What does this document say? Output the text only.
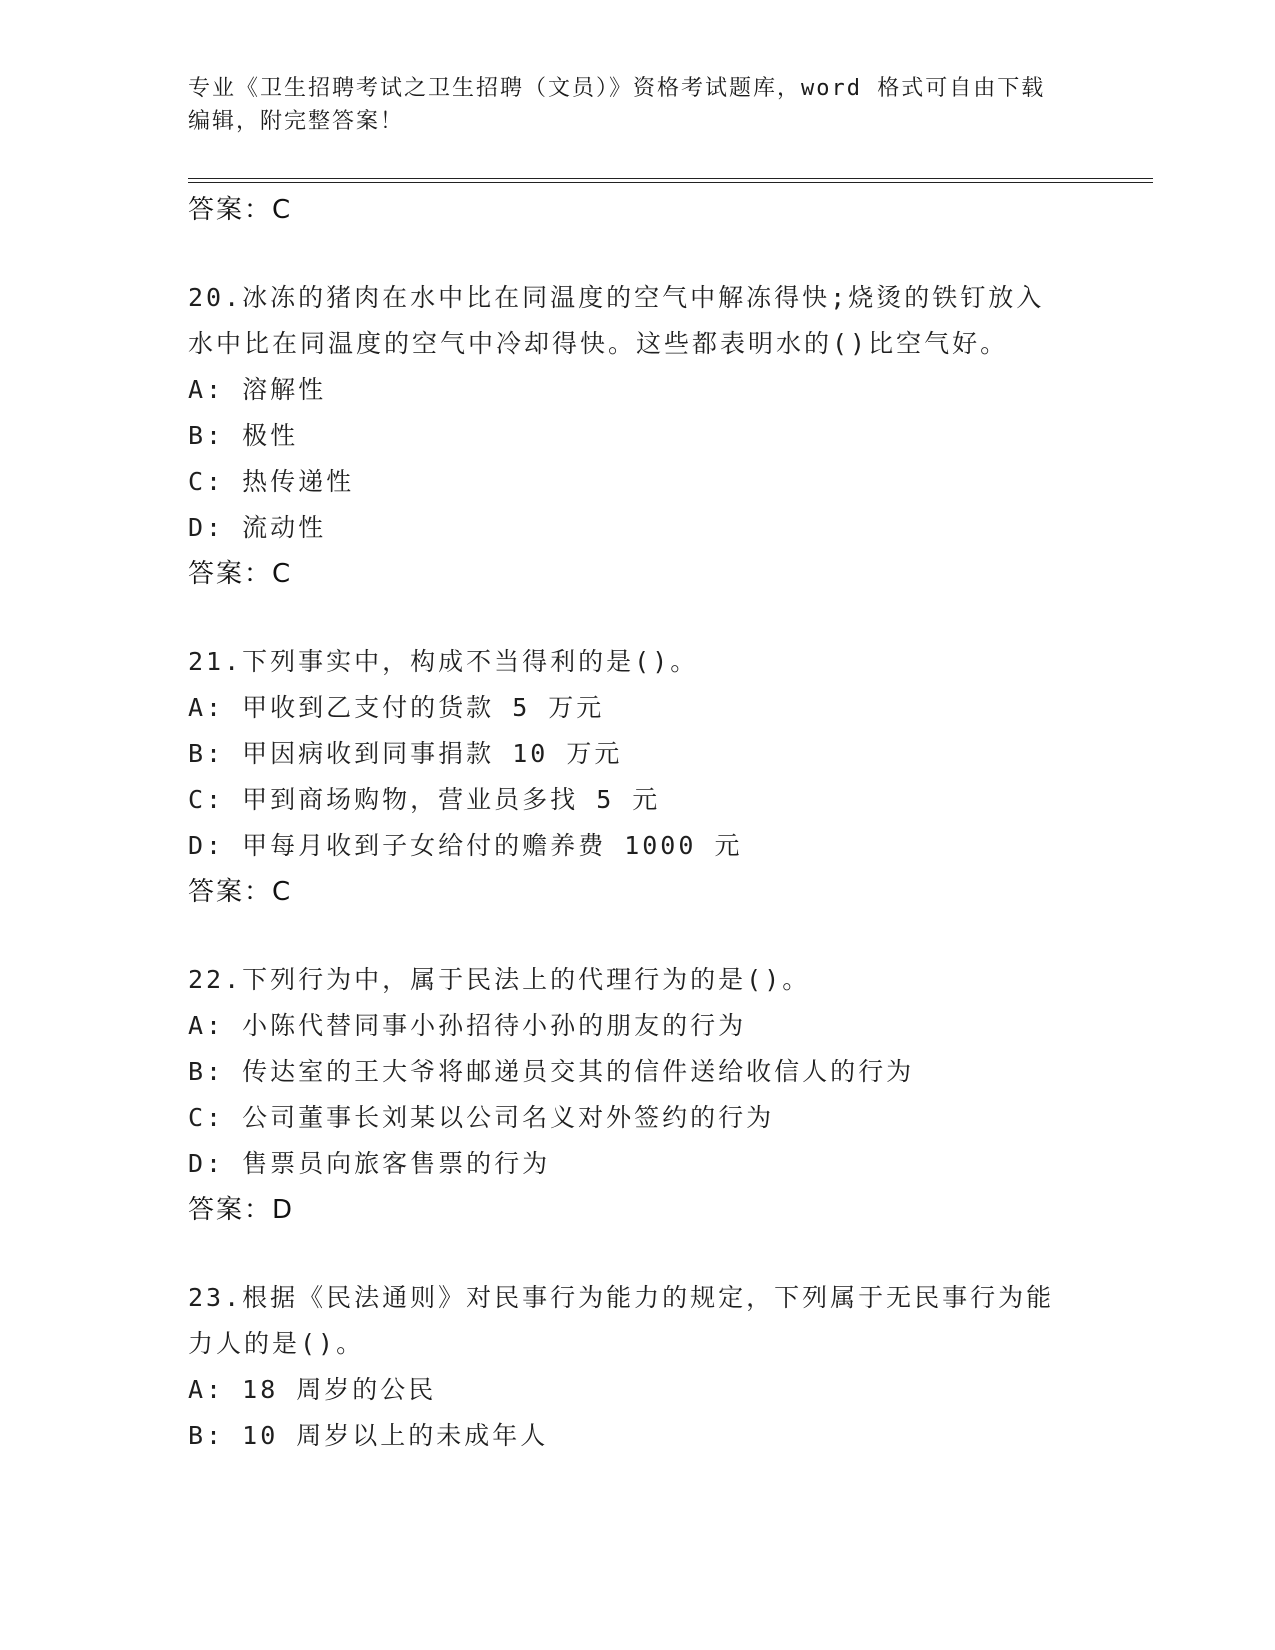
专业《卫生招聘考试之卫生招聘（文员）》资格考试题库，word 格式可自由下载
编辑，附完整答案！
答案：C
20.冰冻的猪肉在水中比在同温度的空气中解冻得快;烧烫的铁钉放入
水中比在同温度的空气中冷却得快。这些都表明水的()比空气好。
A: 溶解性
B: 极性
C: 热传递性
D: 流动性
答案：C
21.下列事实中，构成不当得利的是()。
A: 甲收到乙支付的货款 5 万元
B: 甲因病收到同事捐款 10 万元
C: 甲到商场购物，营业员多找 5 元
D: 甲每月收到子女给付的赡养费 1000 元
答案：C
22.下列行为中，属于民法上的代理行为的是()。
A: 小陈代替同事小孙招待小孙的朋友的行为
B: 传达室的王大爷将邮递员交其的信件送给收信人的行为
C: 公司董事长刘某以公司名义对外签约的行为
D: 售票员向旅客售票的行为
答案：D
23.根据《民法通则》对民事行为能力的规定，下列属于无民事行为能
力人的是()。
A: 18 周岁的公民
B: 10 周岁以上的未成年人
